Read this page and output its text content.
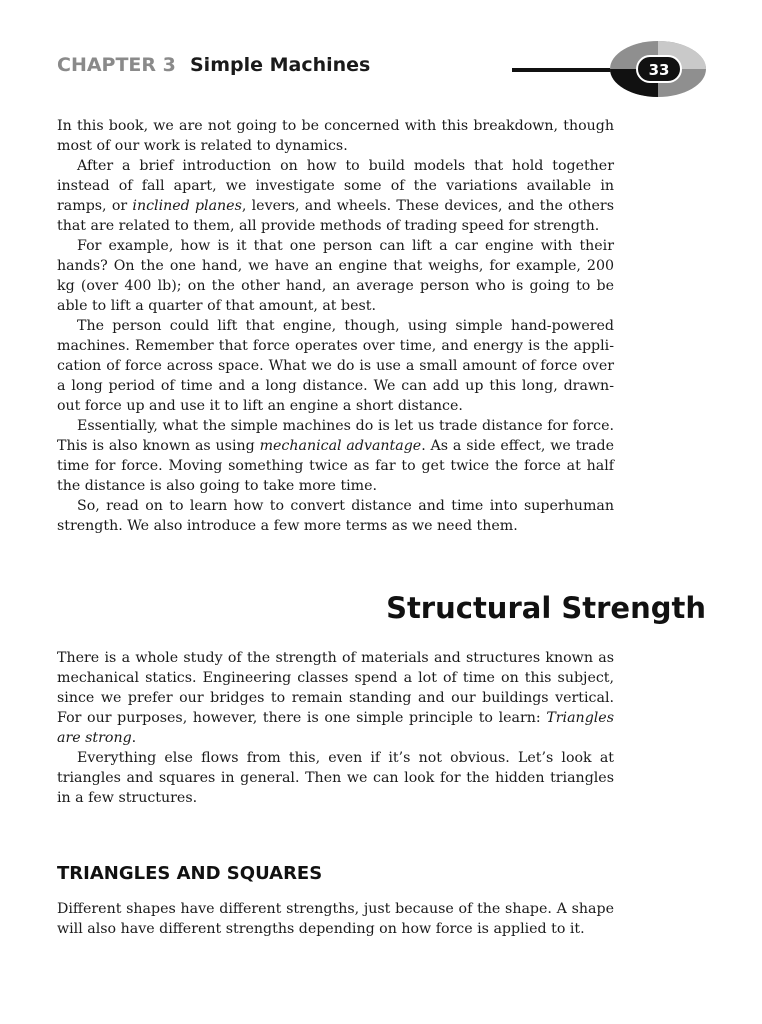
CHAPTER 3 Simple Machines	33

In this book, we are not going to be concerned with this breakdown, though most of our work is related to dynamics.

After a brief introduction on how to build models that hold together instead of fall apart, we investigate some of the variations available in ramps, or inclined planes, levers, and wheels. These devices, and the others that are related to them, all provide methods of trading speed for strength.

For example, how is it that one person can lift a car engine with their hands? On the one hand, we have an engine that weighs, for example, 200 kg (over 400 lb); on the other hand, an average person who is going to be able to lift a quarter of that amount, at best.

The person could lift that engine, though, using simple hand-powered machines. Remember that force operates over time, and energy is the appli-cation of force across space. What we do is use a small amount of force over a long period of time and a long distance. We can add up this long, drawn-out force up and use it to lift an engine a short distance.

Essentially, what the simple machines do is let us trade distance for force. This is also known as using mechanical advantage. As a side effect, we trade time for force. Moving something twice as far to get twice the force at half the distance is also going to take more time.

So, read on to learn how to convert distance and time into superhuman strength. We also introduce a few more terms as we need them.

Structural Strength

There is a whole study of the strength of materials and structures known as mechanical statics. Engineering classes spend a lot of time on this subject, since we prefer our bridges to remain standing and our buildings vertical. For our purposes, however, there is one simple principle to learn: Triangles are strong.

Everything else flows from this, even if it’s not obvious. Let’s look at triangles and squares in general. Then we can look for the hidden triangles in a few structures.

TRIANGLES AND SQUARES

Different shapes have different strengths, just because of the shape. A shape will also have different strengths depending on how force is applied to it.
